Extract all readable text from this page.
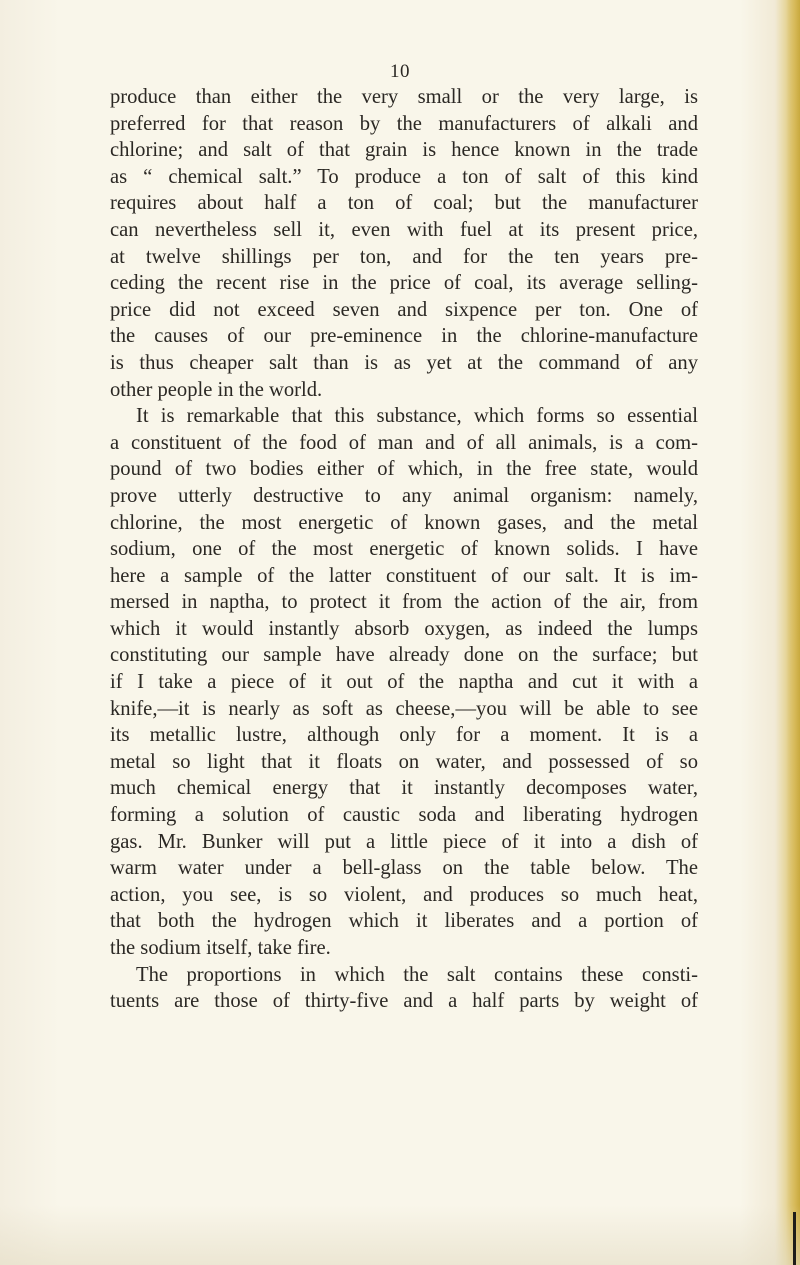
10
produce than either the very small or the very large, is
preferred for that reason by the manufacturers of alkali and
chlorine; and salt of that grain is hence known in the trade
as “ chemical salt.” To produce a ton of salt of this kind
requires about half a ton of coal; but the manufacturer
can nevertheless sell it, even with fuel at its present price,
at twelve shillings per ton, and for the ten years pre-
ceding the recent rise in the price of coal, its average selling-
price did not exceed seven and sixpence per ton. One of
the causes of our pre-eminence in the chlorine-manufacture
is thus cheaper salt than is as yet at the command of any
other people in the world.
It is remarkable that this substance, which forms so essential
a constituent of the food of man and of all animals, is a com-
pound of two bodies either of which, in the free state, would
prove utterly destructive to any animal organism: namely,
chlorine, the most energetic of known gases, and the metal
sodium, one of the most energetic of known solids. I have
here a sample of the latter constituent of our salt. It is im-
mersed in naptha, to protect it from the action of the air, from
which it would instantly absorb oxygen, as indeed the lumps
constituting our sample have already done on the surface; but
if I take a piece of it out of the naptha and cut it with a
knife,—it is nearly as soft as cheese,—you will be able to see
its metallic lustre, although only for a moment. It is a
metal so light that it floats on water, and possessed of so
much chemical energy that it instantly decomposes water,
forming a solution of caustic soda and liberating hydrogen
gas. Mr. Bunker will put a little piece of it into a dish of
warm water under a bell-glass on the table below. The
action, you see, is so violent, and produces so much heat,
that both the hydrogen which it liberates and a portion of
the sodium itself, take fire.
The proportions in which the salt contains these consti-
tuents are those of thirty-five and a half parts by weight of
